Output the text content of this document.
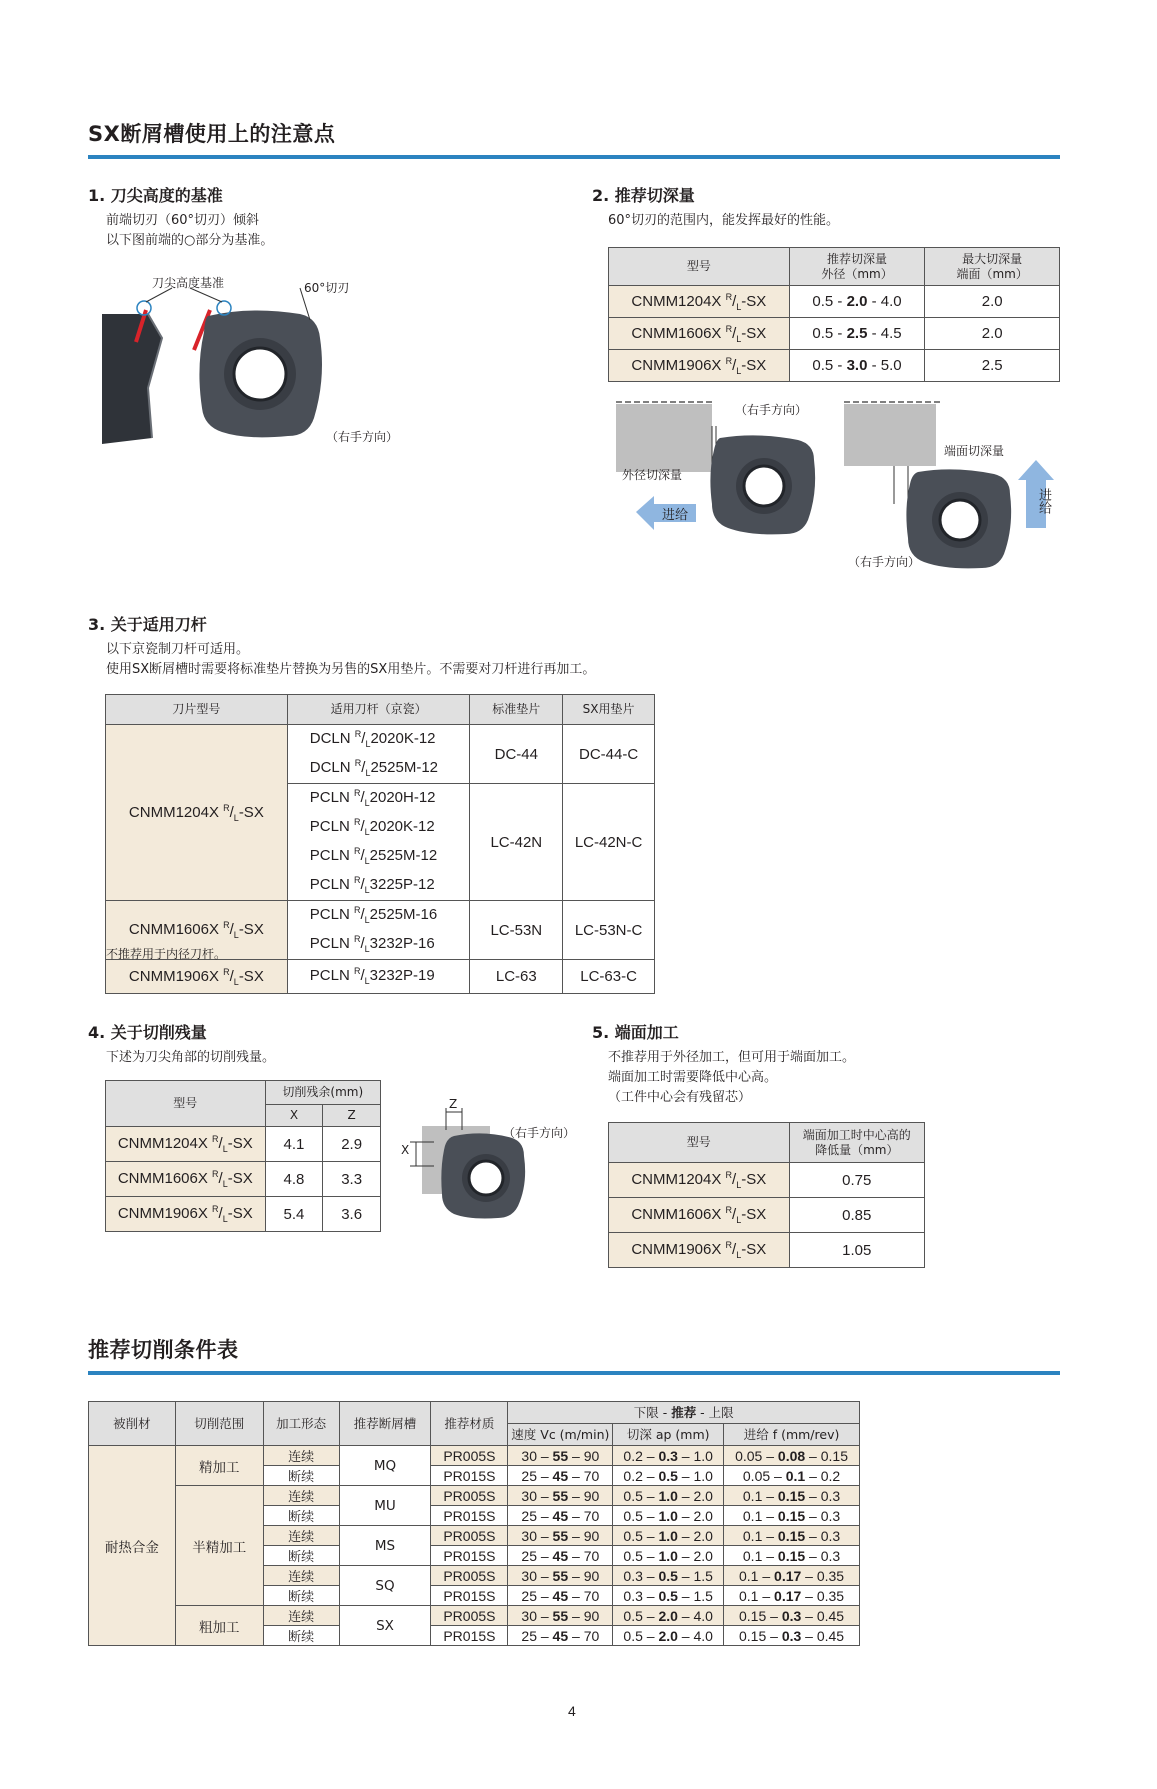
SX断屑槽使用上的注意点
1. 刀尖高度的基准
前端切刃（60°切刃）倾斜
以下图前端的○部分为基准。
刀尖高度基准	60°切刃
（右手方向）
2. 推荐切深量
60°切刃的范围内，能发挥最好的性能。
型号	推荐切深量
外径（mm）	最大切深量
端面（mm）
CNMM1204X $^R/_L-SX$	0.5 - 2.0 - 4.0	2.0
CNMM1606X $^R/_L-SX$	0.5 - 2.5 - 4.5	2.0
CNMM1906X $^R/_L-SX$	0.5 - 3.0 - 5.0	2.5
（右手方向）
外径切深量
进给
端面切深量
进给
（右手方向）
3. 关于适用刀杆
以下京瓷制刀杆可适用。
使用SX断屑槽时需要将标准垫片替换为另售的SX用垫片。不需要对刀杆进行再加工。
刀片型号	适用刀杆（京瓷）	标准垫片	SX用垫片
CNMM1204X $^R/_L-SX$	DCLN $^R/_L2020K-12$
DCLN $^R/_L2525M-12$	DC-44	DC-44-C

	PCLN $^R/_L2020H-12$
PCLN $^R/_L2020K-12$
PCLN $^R/_L2525M-12$
PCLN $^R/_L3225P-12$	LC-42N	LC-42N-C
CNMM1606X $^R/_L-SX$	PCLN $^R/_L2525M-16$
PCLN $^R/_L3232P-16$	LC-53N	LC-53N-C
CNMM1906X $^R/_L-SX$	PCLN $^R/_L3232P-19$	LC-63	LC-63-C
不推荐用于内径刀杆。
4. 关于切削残量
下述为刀尖角部的切削残量。
型号	切削残余(mm)	
	X	Z
CNMM1204X $^R/_L-SX$	4.1	2.9
CNMM1606X $^R/_L-SX$	4.8	3.3
CNMM1906X $^R/_L-SX$	5.4	3.6
Z
X
（右手方向）
5. 端面加工
不推荐用于外径加工，但可用于端面加工。
端面加工时需要降低中心高。
（工件中心会有残留芯）
型号	端面加工时中心高的
降低量（mm）
CNMM1204X $^R/_L-SX$	0.75
CNMM1606X $^R/_L-SX$	0.85
CNMM1906X $^R/_L-SX$	1.05
推荐切削条件表
被削材	切削范围	加工形态	推荐断屑槽	推荐材质	下限 - 推荐 - 上限		
					速度 Vc (m/min)	切深 ap (mm)	进给 f (mm/rev)
耐热合金	精加工	连续	MQ	PR005S	30 – 55 – 90	0.2 – 0.3 – 1.0	0.05 – 0.08 – 0.15
		断续		PR015S	25 – 45 – 70	0.2 – 0.5 – 1.0	0.05 – 0.1 – 0.2
	半精加工	连续	MU	PR005S	30 – 55 – 90	0.5 – 1.0 – 2.0	0.1 – 0.15 – 0.3
		断续		PR015S	25 – 45 – 70	0.5 – 1.0 – 2.0	0.1 – 0.15 – 0.3
		连续	MS	PR005S	30 – 55 – 90	0.5 – 1.0 – 2.0	0.1 – 0.15 – 0.3
		断续		PR015S	25 – 45 – 70	0.5 – 1.0 – 2.0	0.1 – 0.15 – 0.3
		连续	SQ	PR005S	30 – 55 – 90	0.3 – 0.5 – 1.5	0.1 – 0.17 – 0.35
		断续		PR015S	25 – 45 – 70	0.3 – 0.5 – 1.5	0.1 – 0.17 – 0.35
	粗加工	连续	SX	PR005S	30 – 55 – 90	0.5 – 2.0 – 4.0	0.15 – 0.3 – 0.45
		断续		PR015S	25 – 45 – 70	0.5 – 2.0 – 4.0	0.15 – 0.3 – 0.45
4
